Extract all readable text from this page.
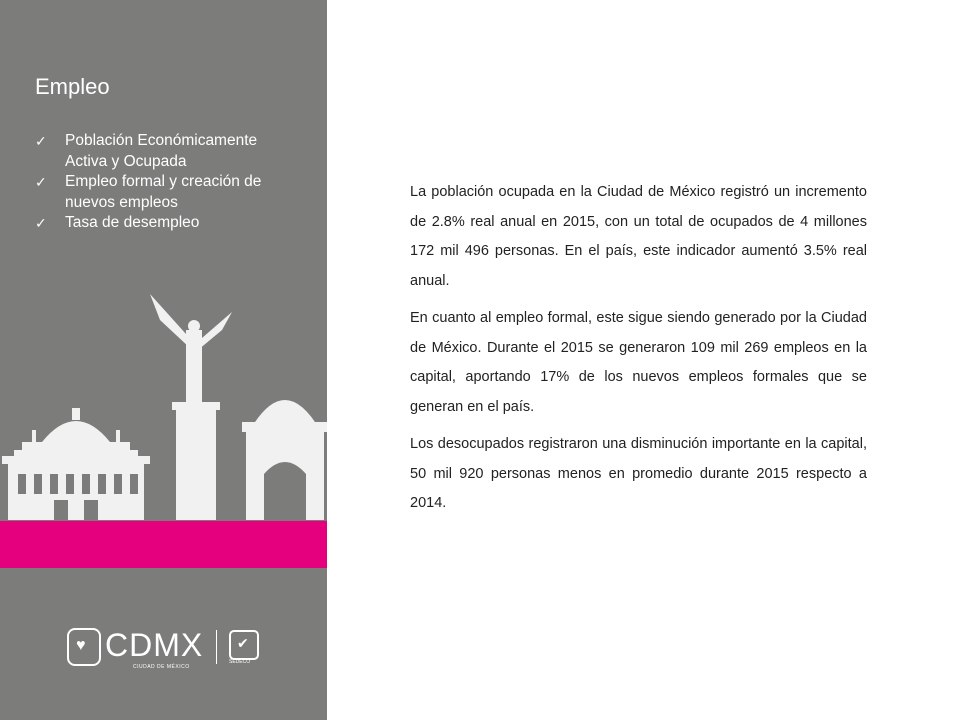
Empleo
✓ Población Económicamente Activa y Ocupada
✓ Empleo formal y creación de nuevos empleos
✓ Tasa de desempleo
♥ CDMX
CIUDAD DE MÉXICO
✔
SEDECO

La población ocupada en la Ciudad de México registró un incremento de 2.8% real anual en 2015, con un total de ocupados de 4 millones 172 mil 496 personas. En el país, este indicador aumentó 3.5% real anual.

En cuanto al empleo formal, este sigue siendo generado por la Ciudad de México. Durante el 2015 se generaron 109 mil 269 empleos en la capital, aportando 17% de los nuevos empleos formales que se generan en el país.

Los desocupados registraron una disminución importante en la capital, 50 mil 920 personas menos en promedio durante 2015 respecto a 2014.
